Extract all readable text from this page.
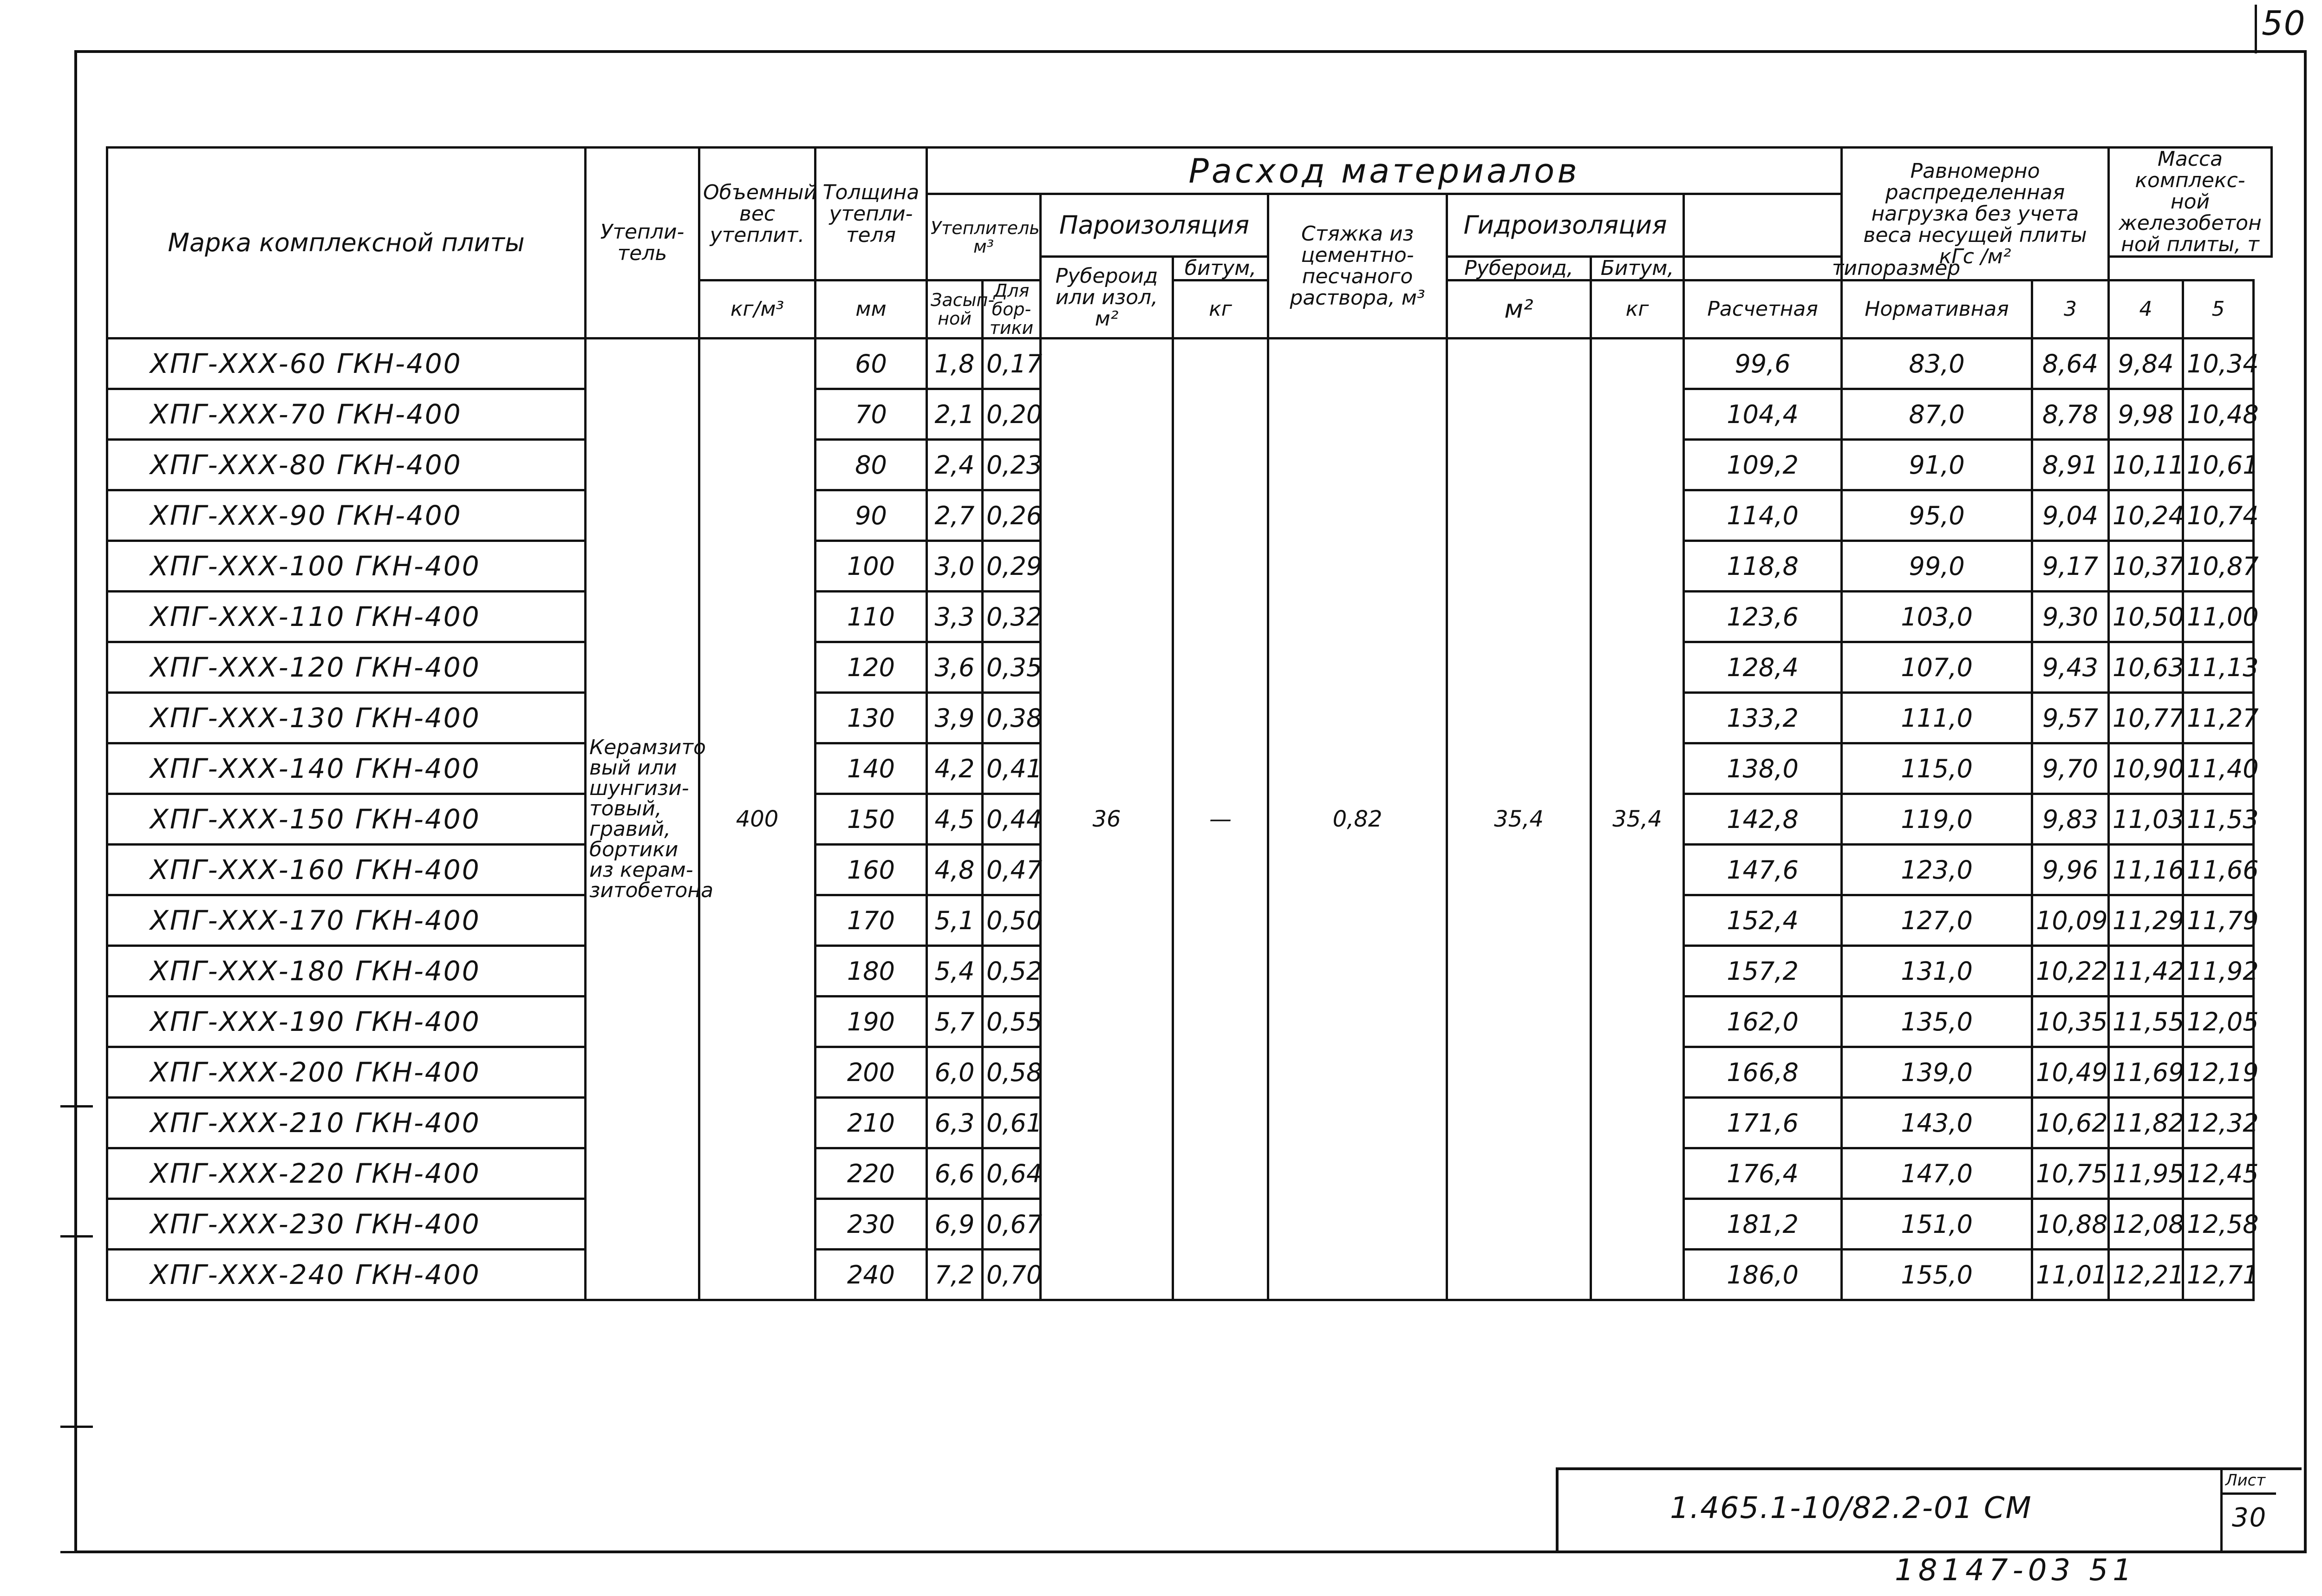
50
Марка комплексной плиты	Утепли- тель	Объемный вес утеплит.	Толщина утепли- теля	Расход материалов								Равномерно распределенная нагрузка без учета веса несущей плиты кГс /м²		Масса комплекс- ной железобетон ной плиты, т	
				Утеплитель м³		Пароизоляция		Стяжка из цементно- песчаного раствора, м³	Гидроизоляция						
						Рубероид или изол, м²	битум,		Рубероид,	Битум,	типоразмер				
		кг/м³	мм	Засып- ной	Для бор- тики		кг		м²	кг	Расчетная	Нормативная	3	4	5
ХПГ-ХХХ-60 ГКН-400	Керамзито вый или шунгизи- товый, гравий, бортики из керам- зитобетона	400	60	1,8	0,17	36	—	0,82	35,4	35,4	99,6	83,0	8,64	9,84	10,34
ХПГ-ХХХ-70 ГКН-400			70	2,1	0,20						104,4	87,0	8,78	9,98	10,48
ХПГ-ХХХ-80 ГКН-400			80	2,4	0,23						109,2	91,0	8,91	10,11	10,61
ХПГ-ХХХ-90 ГКН-400			90	2,7	0,26						114,0	95,0	9,04	10,24	10,74
ХПГ-ХХХ-100 ГКН-400			100	3,0	0,29						118,8	99,0	9,17	10,37	10,87
ХПГ-ХХХ-110 ГКН-400			110	3,3	0,32						123,6	103,0	9,30	10,50	11,00
ХПГ-ХХХ-120 ГКН-400			120	3,6	0,35						128,4	107,0	9,43	10,63	11,13
ХПГ-ХХХ-130 ГКН-400			130	3,9	0,38						133,2	111,0	9,57	10,77	11,27
ХПГ-ХХХ-140 ГКН-400			140	4,2	0,41						138,0	115,0	9,70	10,90	11,40
ХПГ-ХХХ-150 ГКН-400			150	4,5	0,44						142,8	119,0	9,83	11,03	11,53
ХПГ-ХХХ-160 ГКН-400			160	4,8	0,47						147,6	123,0	9,96	11,16	11,66
ХПГ-ХХХ-170 ГКН-400			170	5,1	0,50						152,4	127,0	10,09	11,29	11,79
ХПГ-ХХХ-180 ГКН-400			180	5,4	0,52						157,2	131,0	10,22	11,42	11,92
ХПГ-ХХХ-190 ГКН-400			190	5,7	0,55						162,0	135,0	10,35	11,55	12,05
ХПГ-ХХХ-200 ГКН-400			200	6,0	0,58						166,8	139,0	10,49	11,69	12,19
ХПГ-ХХХ-210 ГКН-400			210	6,3	0,61						171,6	143,0	10,62	11,82	12,32
ХПГ-ХХХ-220 ГКН-400			220	6,6	0,64						176,4	147,0	10,75	11,95	12,45
ХПГ-ХХХ-230 ГКН-400			230	6,9	0,67						181,2	151,0	10,88	12,08	12,58
ХПГ-ХХХ-240 ГКН-400			240	7,2	0,70						186,0	155,0	11,01	12,21	12,71
1.465.1-10/82.2-01 СМ
Лист
30
18147-03 51
